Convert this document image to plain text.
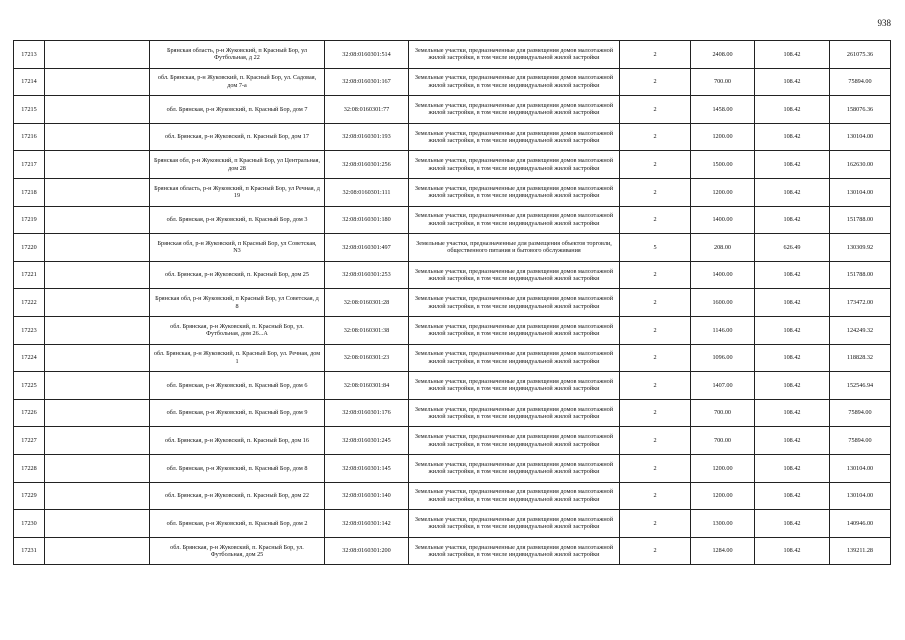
938
17213		Брянская область, р-н Жуковский, п Красный Бор, ул Футбольная, д 22	32:08:0160301:514	Земельные участки, предназначенные для размещения домов малоэтажной жилой застройки, в том числе индивидуальной жилой застройки	2	2408.00	108.42	261075.36
17214		обл. Брянская, р-н Жуковский, п. Красный Бор, ул. Садовая, дом 7-а	32:08:0160301:167	Земельные участки, предназначенные для размещения домов малоэтажной жилой застройки, в том числе индивидуальной жилой застройки	2	700.00	108.42	75894.00
17215		обл. Брянская, р-н Жуковский, п. Красный Бор, дом 7	32:08:0160301:77	Земельные участки, предназначенные для размещения домов малоэтажной жилой застройки, в том числе индивидуальной жилой застройки	2	1458.00	108.42	158076.36
17216		обл. Брянская, р-н Жуковский, п. Красный Бор, дом 17	32:08:0160301:193	Земельные участки, предназначенные для размещения домов малоэтажной жилой застройки, в том числе индивидуальной жилой застройки	2	1200.00	108.42	130104.00
17217		Брянская обл, р-н Жуковский, п Красный Бор, ул Центральная, дом 28	32:08:0160301:256	Земельные участки, предназначенные для размещения домов малоэтажной жилой застройки, в том числе индивидуальной жилой застройки	2	1500.00	108.42	162630.00
17218		Брянская область, р-н Жуковский, п Красный Бор, ул Речная, д 19	32:08:0160301:111	Земельные участки, предназначенные для размещения домов малоэтажной жилой застройки, в том числе индивидуальной жилой застройки	2	1200.00	108.42	130104.00
17219		обл. Брянская, р-н Жуковский, п. Красный Бор, дом 3	32:08:0160301:180	Земельные участки, предназначенные для размещения домов малоэтажной жилой застройки, в том числе индивидуальной жилой застройки	2	1400.00	108.42	151788.00
17220		Брянская обл, р-н Жуковский, п Красный Бор, ул Советская, N3	32:08:0160301:497	Земельные участки, предназначенные для размещения объектов торговли, общественного питания и бытового обслуживания	5	208.00	626.49	130309.92
17221		обл. Брянская, р-н Жуковский, п. Красный Бор, дом 25	32:08:0160301:253	Земельные участки, предназначенные для размещения домов малоэтажной жилой застройки, в том числе индивидуальной жилой застройки	2	1400.00	108.42	151788.00
17222		Брянская обл, р-н Жуковский, п Красный Бор, ул Советская, д 8	32:08:0160301:28	Земельные участки, предназначенные для размещения домов малоэтажной жилой застройки, в том числе индивидуальной жилой застройки	2	1600.00	108.42	173472.00
17223		обл. Брянская, р-н Жуковский, п. Красный Бор, ул. Футбольная, дом 26...А	32:08:0160301:38	Земельные участки, предназначенные для размещения домов малоэтажной жилой застройки, в том числе индивидуальной жилой застройки	2	1146.00	108.42	124249.32
17224		обл. Брянская, р-н Жуковский, п. Красный Бор, ул. Речная, дом 1	32:08:0160301:23	Земельные участки, предназначенные для размещения домов малоэтажной жилой застройки, в том числе индивидуальной жилой застройки	2	1096.00	108.42	118828.32
17225		обл. Брянская, р-н Жуковский, п. Красный Бор, дом 6	32:08:0160301:84	Земельные участки, предназначенные для размещения домов малоэтажной жилой застройки, в том числе индивидуальной жилой застройки	2	1407.00	108.42	152546.94
17226		обл. Брянская, р-н Жуковский, п. Красный Бор, дом 9	32:08:0160301:176	Земельные участки, предназначенные для размещения домов малоэтажной жилой застройки, в том числе индивидуальной жилой застройки	2	700.00	108.42	75894.00
17227		обл. Брянская, р-н Жуковский, п. Красный Бор, дом 16	32:08:0160301:245	Земельные участки, предназначенные для размещения домов малоэтажной жилой застройки, в том числе индивидуальной жилой застройки	2	700.00	108.42	75894.00
17228		обл. Брянская, р-н Жуковский, п. Красный Бор, дом 8	32:08:0160301:145	Земельные участки, предназначенные для размещения домов малоэтажной жилой застройки, в том числе индивидуальной жилой застройки	2	1200.00	108.42	130104.00
17229		обл. Брянская, р-н Жуковский, п. Красный Бор, дом 22	32:08:0160301:140	Земельные участки, предназначенные для размещения домов малоэтажной жилой застройки, в том числе индивидуальной жилой застройки	2	1200.00	108.42	130104.00
17230		обл. Брянская, р-н Жуковский, п. Красный Бор, дом 2	32:08:0160301:142	Земельные участки, предназначенные для размещения домов малоэтажной жилой застройки, в том числе индивидуальной жилой застройки	2	1300.00	108.42	140946.00
17231		обл. Брянская, р-н Жуковский, п. Красный Бор, ул. Футбольная, дом 25	32:08:0160301:200	Земельные участки, предназначенные для размещения домов малоэтажной жилой застройки, в том числе индивидуальной жилой застройки	2	1284.00	108.42	139211.28
